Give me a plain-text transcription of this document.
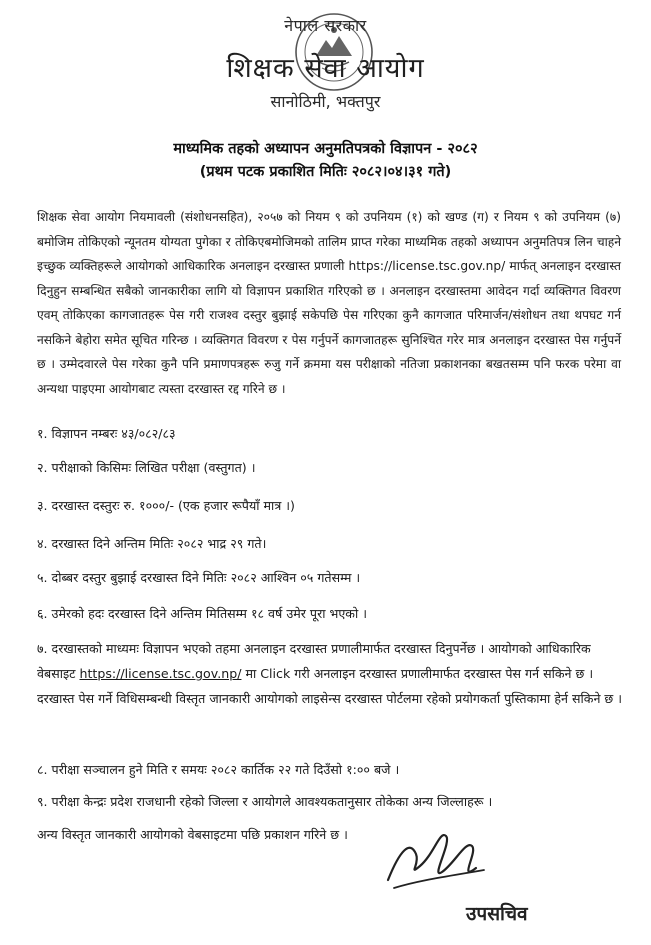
नेपाल सरकार
शिक्षक सेवा आयोग
सानोठिमी, भक्तपुर
माध्यमिक तहको अध्यापन अनुमतिपत्रको विज्ञापन - २०८२
(प्रथम पटक प्रकाशित मितिः २०८२।०४।३१ गते)
शिक्षक सेवा आयोग नियमावली (संशोधनसहित), २०५७ को नियम ९ को उपनियम (१) को खण्ड (ग) र नियम ९ को उपनियम (७) बमोजिम तोकिएको न्यूनतम योग्यता पुगेका र तोकिएबमोजिमको तालिम प्राप्त गरेका माध्यमिक तहको अध्यापन अनुमतिपत्र लिन चाहने इच्छुक व्यक्तिहरूले आयोगको आधिकारिक अनलाइन दरखास्त प्रणाली https://license.tsc.gov.np/ मार्फत् अनलाइन दरखास्त दिनुहुन सम्बन्धित सबैको जानकारीका लागि यो विज्ञापन प्रकाशित गरिएको छ । अनलाइन दरखास्तमा आवेदन गर्दा व्यक्तिगत विवरण एवम् तोकिएका कागजातहरू पेस गरी राजश्व दस्तुर बुझाई सकेपछि पेस गरिएका कुनै कागजात परिमार्जन/संशोधन तथा थपघट गर्न नसकिने बेहोरा समेत सूचित गरिन्छ । व्यक्तिगत विवरण र पेस गर्नुपर्ने कागजातहरू सुनिश्चित गरेर मात्र अनलाइन दरखास्त पेस गर्नुपर्ने छ । उम्मेदवारले पेस गरेका कुनै पनि प्रमाणपत्रहरू रुजु गर्ने क्रममा यस परीक्षाको नतिजा प्रकाशनका बखतसम्म पनि फरक परेमा वा अन्यथा पाइएमा आयोगबाट त्यस्ता दरखास्त रद्द गरिने छ ।
१. विज्ञापन नम्बरः ४३/०८२/८३
२. परीक्षाको किसिमः लिखित परीक्षा (वस्तुगत) ।
३. दरखास्त दस्तुरः रु. १०००/- (एक हजार रूपैयाँ मात्र ।)
४. दरखास्त दिने अन्तिम मितिः २०८२ भाद्र २९ गते।
५. दोब्बर दस्तुर बुझाई दरखास्त दिने मितिः २०८२ आश्विन ०५ गतेसम्म ।
६. उमेरको हदः दरखास्त दिने अन्तिम मितिसम्म १८ वर्ष उमेर पूरा भएको ।
७. दरखास्तको माध्यमः विज्ञापन भएको तहमा अनलाइन दरखास्त प्रणालीमार्फत दरखास्त दिनुपर्नेछ । आयोगको आधिकारिक वेबसाइट https://license.tsc.gov.np/ मा Click गरी अनलाइन दरखास्त प्रणालीमार्फत दरखास्त पेस गर्न सकिने छ । दरखास्त पेस गर्ने विधिसम्बन्धी विस्तृत जानकारी आयोगको लाइसेन्स दरखास्त पोर्टलमा रहेको प्रयोगकर्ता पुस्तिकामा हेर्न सकिने छ ।
८. परीक्षा सञ्चालन हुने मिति र समयः २०८२ कार्तिक २२ गते दिउँसो १:०० बजे ।
९. परीक्षा केन्द्रः प्रदेश राजधानी रहेको जिल्ला र आयोगले आवश्यकतानुसार तोकेका अन्य जिल्लाहरू ।
अन्य विस्तृत जानकारी आयोगको वेबसाइटमा पछि प्रकाशन गरिने छ ।
उपसचिव
